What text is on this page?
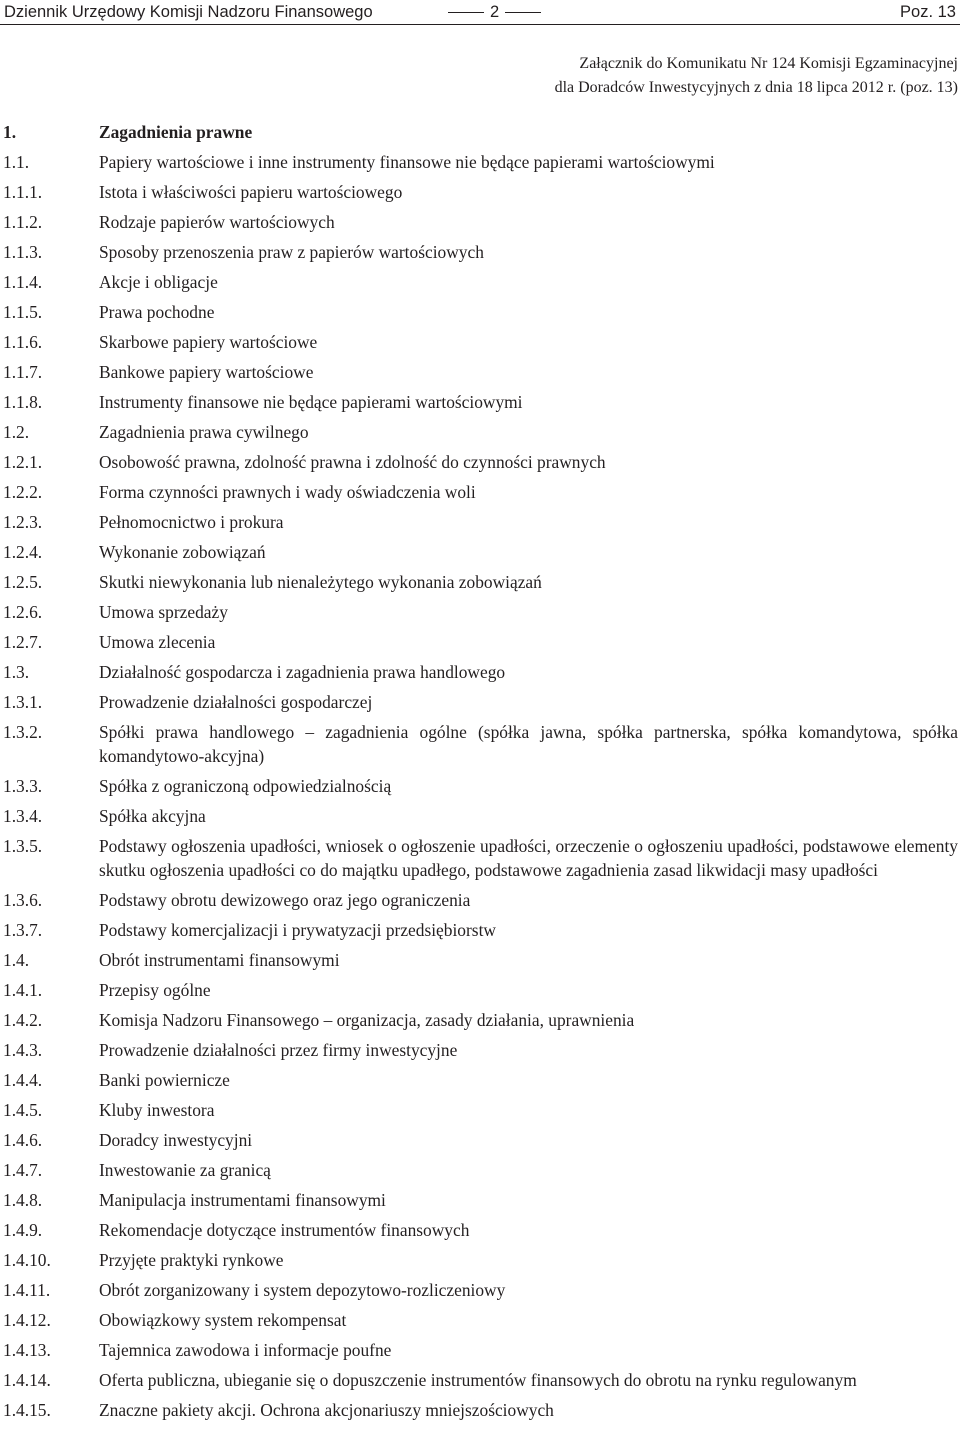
Dziennik Urzędowy Komisji Nadzoru Finansowego	2	Poz. 13
Załącznik do Komunikatu Nr 124 Komisji Egzaminacyjnej
dla Doradców Inwestycyjnych z dnia 18 lipca 2012 r. (poz. 13)
1.	Zagadnienia prawne
1.1.	Papiery wartościowe i inne instrumenty finansowe nie będące papierami wartościowymi
1.1.1.	Istota i właściwości papieru wartościowego
1.1.2.	Rodzaje papierów wartościowych
1.1.3.	Sposoby przenoszenia praw z papierów wartościowych
1.1.4.	Akcje i obligacje
1.1.5.	Prawa pochodne
1.1.6.	Skarbowe papiery wartościowe
1.1.7.	Bankowe papiery wartościowe
1.1.8.	Instrumenty finansowe nie będące papierami wartościowymi
1.2.	Zagadnienia prawa cywilnego
1.2.1.	Osobowość prawna, zdolność prawna i zdolność do czynności prawnych
1.2.2.	Forma czynności prawnych i wady oświadczenia woli
1.2.3.	Pełnomocnictwo i prokura
1.2.4.	Wykonanie zobowiązań
1.2.5.	Skutki niewykonania lub nienależytego wykonania zobowiązań
1.2.6.	Umowa sprzedaży
1.2.7.	Umowa zlecenia
1.3.	Działalność gospodarcza i zagadnienia prawa handlowego
1.3.1.	Prowadzenie działalności gospodarczej
1.3.2.	Spółki prawa handlowego – zagadnienia ogólne (spółka jawna, spółka partnerska, spółka komandytowa, spółka komandytowo-akcyjna)
1.3.3.	Spółka z ograniczoną odpowiedzialnością
1.3.4.	Spółka akcyjna
1.3.5.	Podstawy ogłoszenia upadłości, wniosek o ogłoszenie upadłości, orzeczenie o ogłoszeniu upadłości, podstawowe elementy skutku ogłoszenia upadłości co do majątku upadłego, podstawowe zagadnienia zasad likwidacji masy upadłości
1.3.6.	Podstawy obrotu dewizowego oraz jego ograniczenia
1.3.7.	Podstawy komercjalizacji i prywatyzacji przedsiębiorstw
1.4.	Obrót instrumentami finansowymi
1.4.1.	Przepisy ogólne
1.4.2.	Komisja Nadzoru Finansowego – organizacja, zasady działania, uprawnienia
1.4.3.	Prowadzenie działalności przez firmy inwestycyjne
1.4.4.	Banki powiernicze
1.4.5.	Kluby inwestora
1.4.6.	Doradcy inwestycyjni
1.4.7.	Inwestowanie za granicą
1.4.8.	Manipulacja instrumentami finansowymi
1.4.9.	Rekomendacje dotyczące instrumentów finansowych
1.4.10.	Przyjęte praktyki rynkowe
1.4.11.	Obrót zorganizowany i system depozytowo-rozliczeniowy
1.4.12.	Obowiązkowy system rekompensat
1.4.13.	Tajemnica zawodowa i informacje poufne
1.4.14.	Oferta publiczna, ubieganie się o dopuszczenie instrumentów finansowych do obrotu na rynku regulowanym
1.4.15.	Znaczne pakiety akcji. Ochrona akcjonariuszy mniejszościowych
